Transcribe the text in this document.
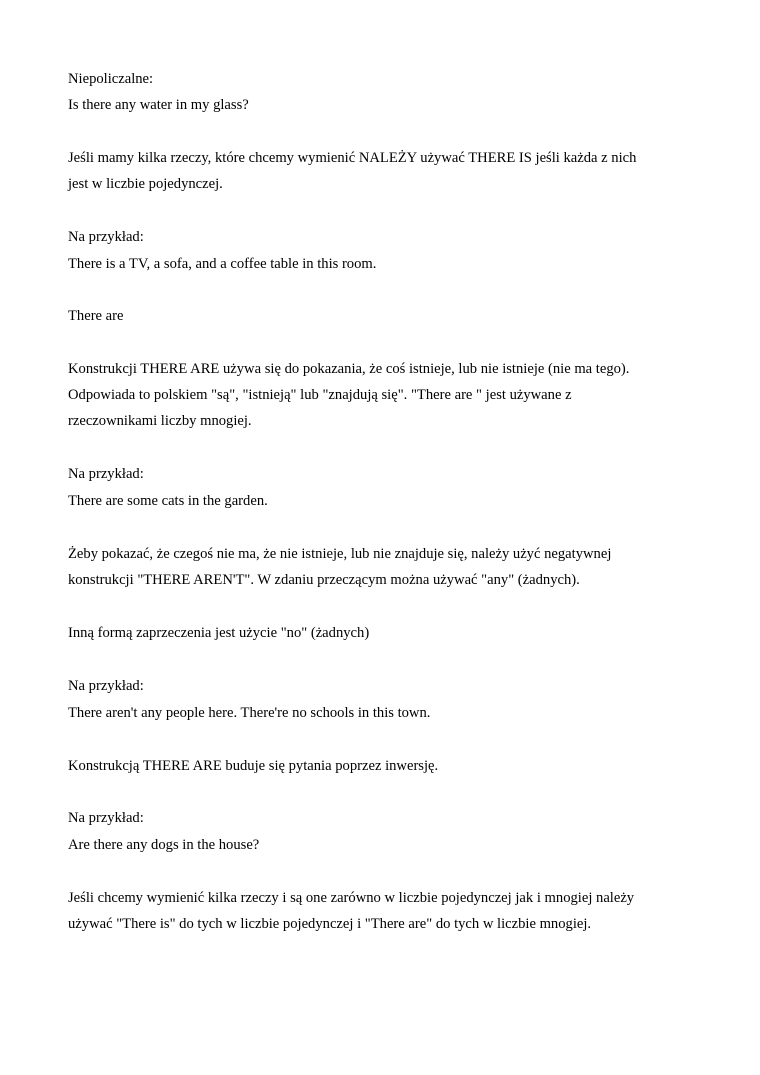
Niepoliczalne:
Is there any water in my glass?
Jeśli mamy kilka rzeczy, które chcemy wymienić NALEŻY używać THERE IS jeśli każda z nich
jest w liczbie pojedynczej.
Na przykład:
There is a TV, a sofa, and a coffee table in this room.
There are
Konstrukcji THERE ARE używa się do pokazania, że coś istnieje, lub nie istnieje (nie ma tego).
Odpowiada to polskiem "są", "istnieją" lub "znajdują się". "There are " jest używane z
rzeczownikami liczby mnogiej.
Na przykład:
There are some cats in the garden.
Żeby pokazać, że czegoś nie ma, że nie istnieje, lub nie znajduje się, należy użyć negatywnej
konstrukcji "THERE AREN'T". W zdaniu przeczącym można używać "any" (żadnych).
Inną formą zaprzeczenia jest użycie "no" (żadnych)
Na przykład:
There aren't any people here. There're no schools in this town.
Konstrukcją THERE ARE buduje się pytania poprzez inwersję.
Na przykład:
Are there any dogs in the house?
Jeśli chcemy wymienić kilka rzeczy i są one zarówno w liczbie pojedynczej jak i mnogiej należy
używać "There is" do tych w liczbie pojedynczej i "There are" do tych w liczbie mnogiej.
